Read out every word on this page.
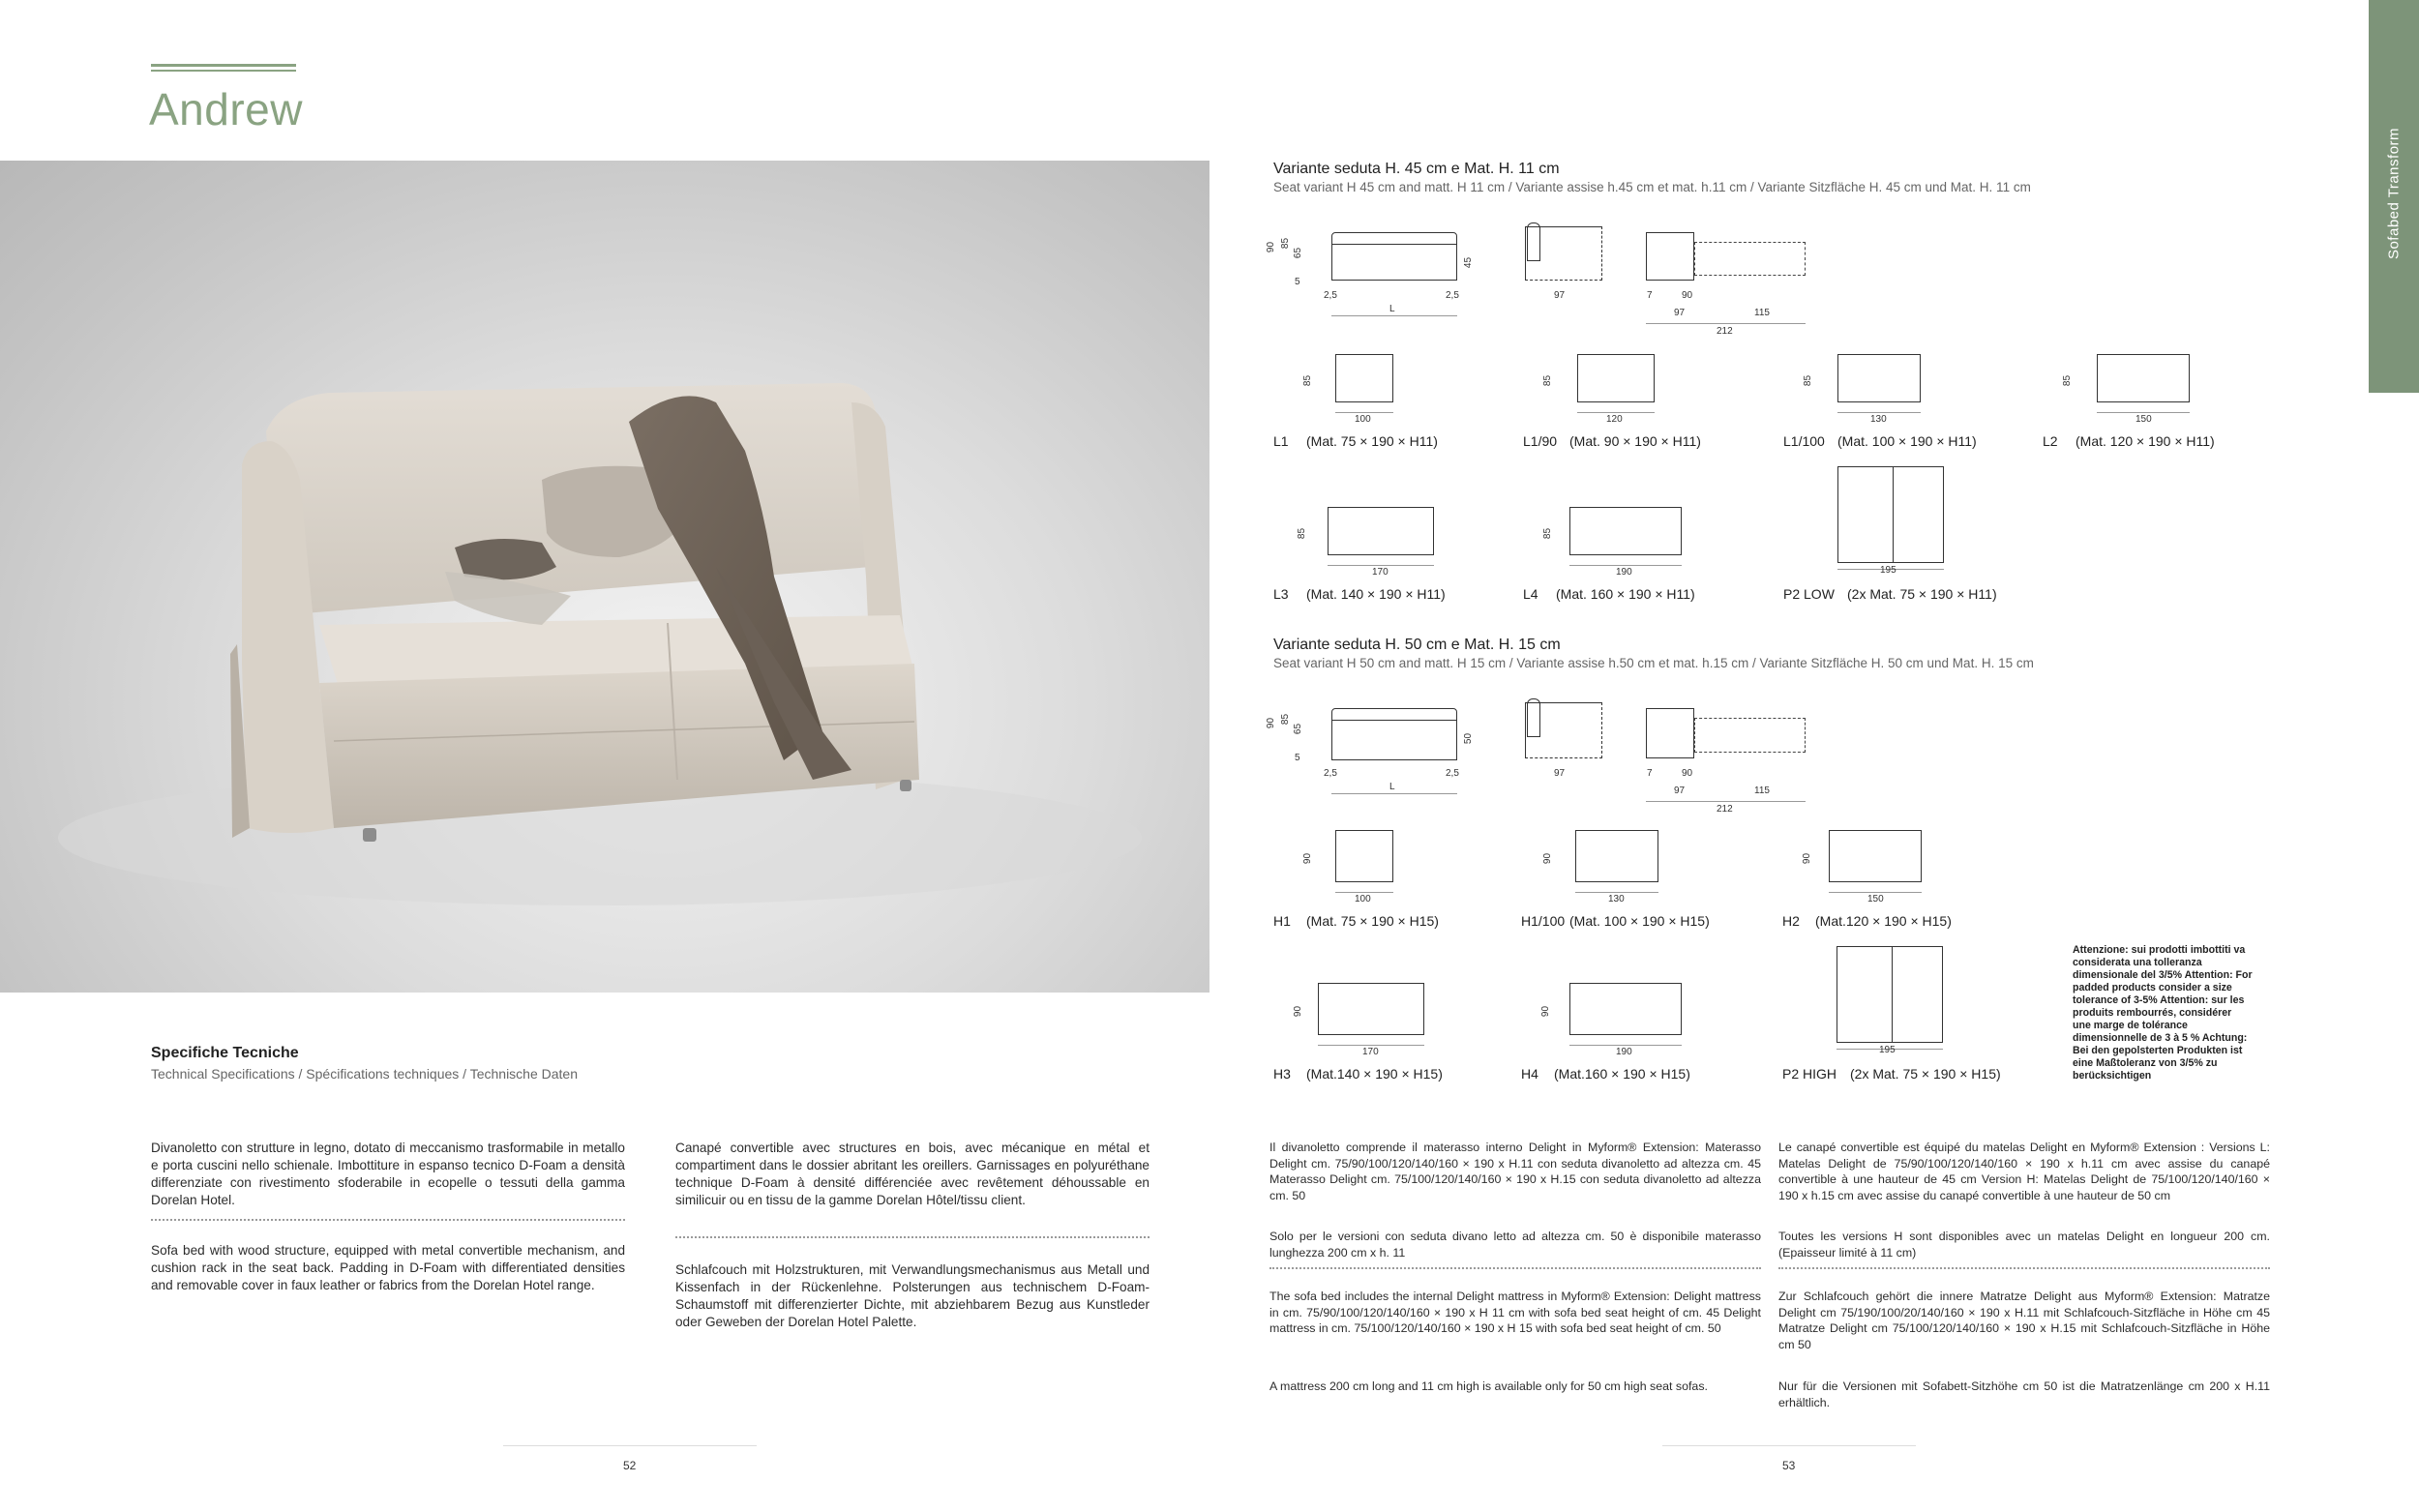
Andrew
Sofabed Transform
Specifiche Tecniche
Technical Specifications / Spécifications techniques / Technische Daten

Divanoletto con strutture in legno, dotato di meccanismo trasformabile in metallo e porta cuscini nello schienale. Imbottiture in espanso tecnico D-Foam a densità differenziate con rivestimento sfoderabile in ecopelle o tessuti della gamma Dorelan Hotel.

Sofa bed with wood structure, equipped with metal convertible mechanism, and cushion rack in the seat back. Padding in D-Foam with differentiated densities and removable cover in faux leather or fabrics from the Dorelan Hotel range.

Canapé convertible avec structures en bois, avec mécanique en métal et compartiment dans le dossier abritant les oreillers. Garnissages en polyuréthane technique D-Foam à densité différenciée avec revêtement déhoussable en similicuir ou en tissu de la gamme Dorelan Hôtel/tissu client.

Schlafcouch mit Holzstrukturen, mit Verwandlungsmechanismus aus Metall und Kissenfach in der Rückenlehne. Polsterungen aus technischem D-Foam-Schaumstoff mit differenzierter Dichte, mit abziehbarem Bezug aus Kunstleder oder Geweben der Dorelan Hotel Palette.

Variante seduta H. 45 cm e Mat. H. 11 cm
Seat variant H 45 cm and matt. H 11 cm / Variante assise h.45 cm et mat. h.11 cm / Variante Sitzfläche H. 45 cm und Mat. H. 11 cm
90 85
65
5
45
2,5	2,5
L
97	7	90
97	115
212
85
100
L1 (Mat. 75 × 190 × H11)
85
120
L1/90 (Mat. 90 × 190 × H11)
85
130
L1/100 (Mat. 100 × 190 × H11)
85
150
L2 (Mat. 120 × 190 × H11)
85
170
L3 (Mat. 140 × 190 × H11)
85
190
L4 (Mat. 160 × 190 × H11)
195
P2 LOW (2x Mat. 75 × 190 × H11)
Variante seduta H. 50 cm e Mat. H. 15 cm
Seat variant H 50 cm and matt. H 15 cm / Variante assise h.50 cm et mat. h.15 cm / Variante Sitzfläche H. 50 cm und Mat. H. 15 cm
90 85
65
5
50
2,5	2,5
L
97	7	90
97	115
212
90
100
H1 (Mat. 75 × 190 × H15)
90
130
H1/100 (Mat. 100 × 190 × H15)
90
150
H2 (Mat.120 × 190 × H15)
90
170
H3 (Mat.140 × 190 × H15)
90
190
H4 (Mat.160 × 190 × H15)
195
P2 HIGH (2x Mat. 75 × 190 × H15)

Attenzione: sui prodotti imbottiti va considerata una tolleranza dimensionale del 3/5% Attention: For padded products consider a size tolerance of 3-5% Attention: sur les produits rembourrés, considérer une marge de tolérance dimensionnelle de 3 à 5 % Achtung: Bei den gepolsterten Produkten ist eine Maßtoleranz von 3/5% zu berücksichtigen

Il divanoletto comprende il materasso interno Delight in Myform® Extension: Materasso Delight cm. 75/90/100/120/140/160 × 190 x H.11 con seduta divanoletto ad altezza cm. 45 Materasso Delight cm. 75/100/120/140/160 × 190 x H.15 con seduta divanoletto ad altezza cm. 50

Solo per le versioni con seduta divano letto ad altezza cm. 50 è disponibile materasso lunghezza 200 cm x h. 11

The sofa bed includes the internal Delight mattress in Myform® Extension: Delight mattress in cm. 75/90/100/120/140/160 × 190 x H 11 cm with sofa bed seat height of cm. 45 Delight mattress in cm. 75/100/120/140/160 × 190 x H 15 with sofa bed seat height of cm. 50

A mattress 200 cm long and 11 cm high is available only for 50 cm high seat sofas.

Le canapé convertible est équipé du matelas Delight en Myform® Extension : Versions L: Matelas Delight de 75/90/100/120/140/160 × 190 x h.11 cm avec assise du canapé convertible à une hauteur de 45 cm Version H: Matelas Delight de 75/100/120/140/160 × 190 x h.15 cm avec assise du canapé convertible à une hauteur de 50 cm

Toutes les versions H sont disponibles avec un matelas Delight en longueur 200 cm. (Epaisseur limité à 11 cm)

Zur Schlafcouch gehört die innere Matratze Delight aus Myform® Extension: Matratze Delight cm 75/190/100/20/140/160 × 190 x H.11 mit Schlafcouch-Sitzfläche in Höhe cm 45 Matratze Delight cm 75/100/120/140/160 × 190 x H.15 mit Schlafcouch-Sitzfläche in Höhe cm 50

Nur für die Versionen mit Sofabett-Sitzhöhe cm 50 ist die Matratzenlänge cm 200 x H.11 erhältlich.

52	53
